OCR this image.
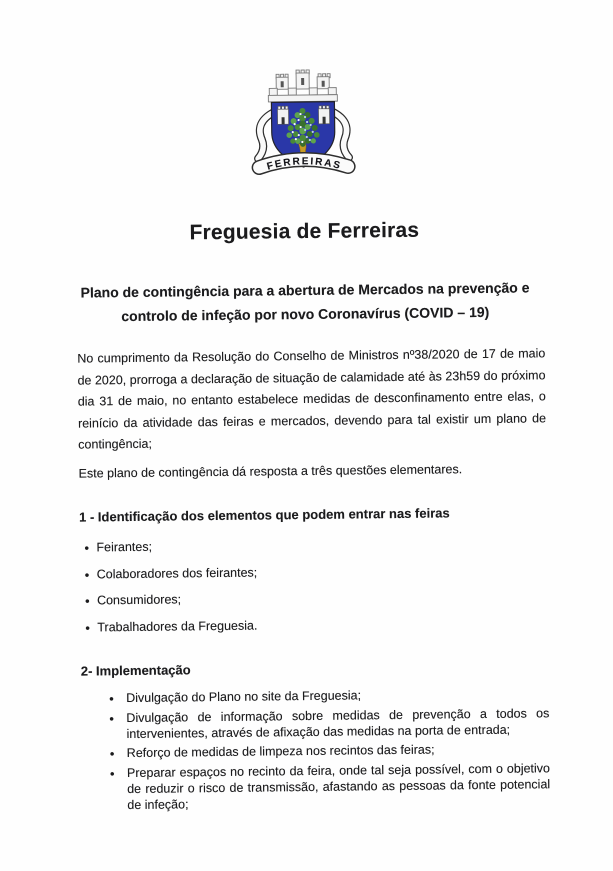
FERREIRAS
Freguesia de Ferreiras
Plano de contingência para a abertura de Mercados na prevenção e controlo de infeção por novo Coronavírus (COVID – 19)

No cumprimento da Resolução do Conselho de Ministros nº38/2020 de 17 de maio de 2020, prorroga a declaração de situação de calamidade até às 23h59 do próximo dia 31 de maio, no entanto estabelece medidas de desconfinamento entre elas, o reinício da atividade das feiras e mercados, devendo para tal existir um plano de contingência;

Este plano de contingência dá resposta a três questões elementares.

1 - Identificação dos elementos que podem entrar nas feiras
• Feirantes;
• Colaboradores dos feirantes;
• Consumidores;
• Trabalhadores da Freguesia.
2- Implementação
• Divulgação do Plano no site da Freguesia;
• Divulgação de informação sobre medidas de prevenção a todos os intervenientes, através de afixação das medidas na porta de entrada;
• Reforço de medidas de limpeza nos recintos das feiras;
• Preparar espaços no recinto da feira, onde tal seja possível, com o objetivo de reduzir o risco de transmissão, afastando as pessoas da fonte potencial de infeção;
